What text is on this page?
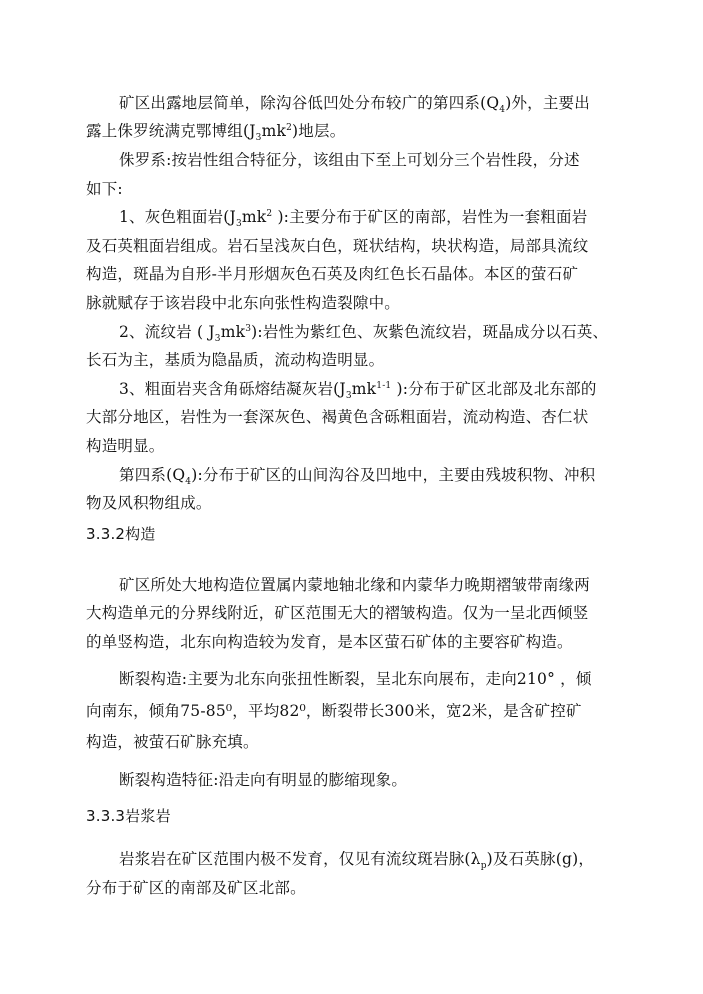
矿区出露地层简单，除沟谷低凹处分布较广的第四系$(Q_4)$外，主要出
露上侏罗统满克鄂博组$(J_3mk^2)$地层。
侏罗系:按岩性组合特征分，该组由下至上可划分三个岩性段，分述
如下:
1、灰色粗面岩($J_3mk^2$ ):主要分布于矿区的南部，岩性为一套粗面岩
及石英粗面岩组成。岩石呈浅灰白色，斑状结构，块状构造，局部具流纹
构造，斑晶为自形-半月形烟灰色石英及肉红色长石晶体。本区的萤石矿
脉就赋存于该岩段中北东向张性构造裂隙中。
2、流纹岩 ( $J_3mk^3$):岩性为紫红色、灰紫色流纹岩，斑晶成分以石英、
长石为主，基质为隐晶质，流动构造明显。
3、粗面岩夹含角砾熔结凝灰岩($J_3mk^{1-1}$ ):分布于矿区北部及北东部的
大部分地区，岩性为一套深灰色、褐黄色含砾粗面岩，流动构造、杏仁状
构造明显。
第四系$(Q_4)$:分布于矿区的山间沟谷及凹地中，主要由残坡积物、冲积
物及风积物组成。
3.3.2构造
矿区所处大地构造位置属内蒙地轴北缘和内蒙华力晚期褶皱带南缘两
大构造单元的分界线附近，矿区范围无大的褶皱构造。仅为一呈北西倾竖
的单竖构造，北东向构造较为发育，是本区萤石矿体的主要容矿构造。
断裂构造:主要为北东向张扭性断裂，呈北东向展布，走向210° ，倾
向南东，倾角75-85⁰，平均82⁰，断裂带长300米，宽2米，是含矿控矿
构造，被萤石矿脉充填。
断裂构造特征:沿走向有明显的膨缩现象。
3.3.3岩浆岩
岩浆岩在矿区范围内极不发育，仅见有流纹斑岩脉$(\lambda_p)$及石英脉(g)，
分布于矿区的南部及矿区北部。
